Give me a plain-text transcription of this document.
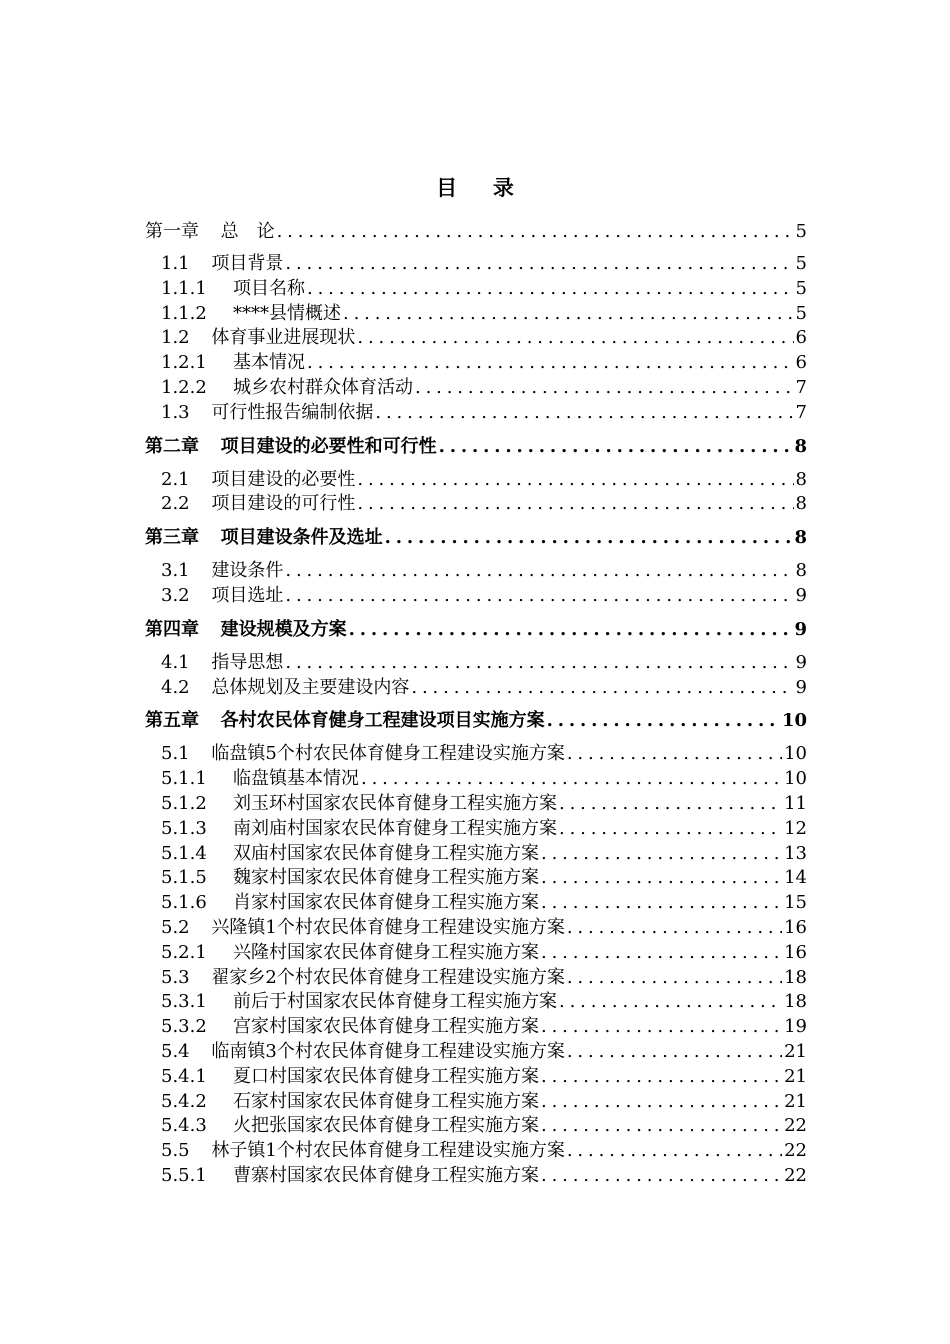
目　录
第一章	总　论 .....	5
1.1	项目背景 .....	5
1.1.1	项目名称 .....	5
1.1.2	****县情概述 .....	5
1.2	体育事业进展现状 .....	6
1.2.1	基本情况 .....	6
1.2.2	城乡农村群众体育活动 .....	7
1.3	可行性报告编制依据 .....	7
第二章	项目建设的必要性和可行性 .....	8
2.1	项目建设的必要性 .....	8
2.2	项目建设的可行性 .....	8
第三章	项目建设条件及选址 .....	8
3.1	建设条件 .....	8
3.2	项目选址 .....	9
第四章	建设规模及方案 .....	9
4.1	指导思想 .....	9
4.2	总体规划及主要建设内容 .....	9
第五章	各村农民体育健身工程建设项目实施方案 .....	10
5.1	临盘镇5个村农民体育健身工程建设实施方案 .....	10
5.1.1	临盘镇基本情况 .....	10
5.1.2	刘玉环村国家农民体育健身工程实施方案 .....	11
5.1.3	南刘庙村国家农民体育健身工程实施方案 .....	12
5.1.4	双庙村国家农民体育健身工程实施方案 .....	13
5.1.5	魏家村国家农民体育健身工程实施方案 .....	14
5.1.6	肖家村国家农民体育健身工程实施方案 .....	15
5.2	兴隆镇1个村农民体育健身工程建设实施方案 .....	16
5.2.1	兴隆村国家农民体育健身工程实施方案 .....	16
5.3	翟家乡2个村农民体育健身工程建设实施方案 .....	18
5.3.1	前后于村国家农民体育健身工程实施方案 .....	18
5.3.2	宫家村国家农民体育健身工程实施方案 .....	19
5.4	临南镇3个村农民体育健身工程建设实施方案 .....	21
5.4.1	夏口村国家农民体育健身工程实施方案 .....	21
5.4.2	石家村国家农民体育健身工程实施方案 .....	21
5.4.3	火把张国家农民体育健身工程实施方案 .....	22
5.5	林子镇1个村农民体育健身工程建设实施方案 .....	22
5.5.1	曹寨村国家农民体育健身工程实施方案 .....	22
